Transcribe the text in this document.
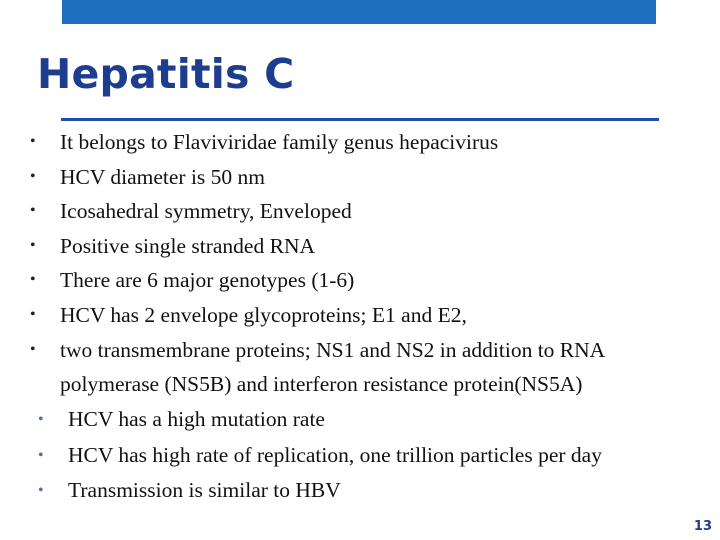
Hepatitis C
• It belongs to Flaviviridae family genus hepacivirus
• HCV diameter is 50 nm
• Icosahedral symmetry, Enveloped
• Positive single stranded RNA
• There are 6 major genotypes (1-6)
• HCV has 2 envelope glycoproteins; E1 and E2,
• two transmembrane proteins; NS1 and NS2 in addition to RNA
polymerase (NS5B) and interferon resistance protein(NS5A)
• HCV has a high mutation rate
• HCV has high rate of replication, one trillion particles per day
• Transmission is similar to HBV
13
